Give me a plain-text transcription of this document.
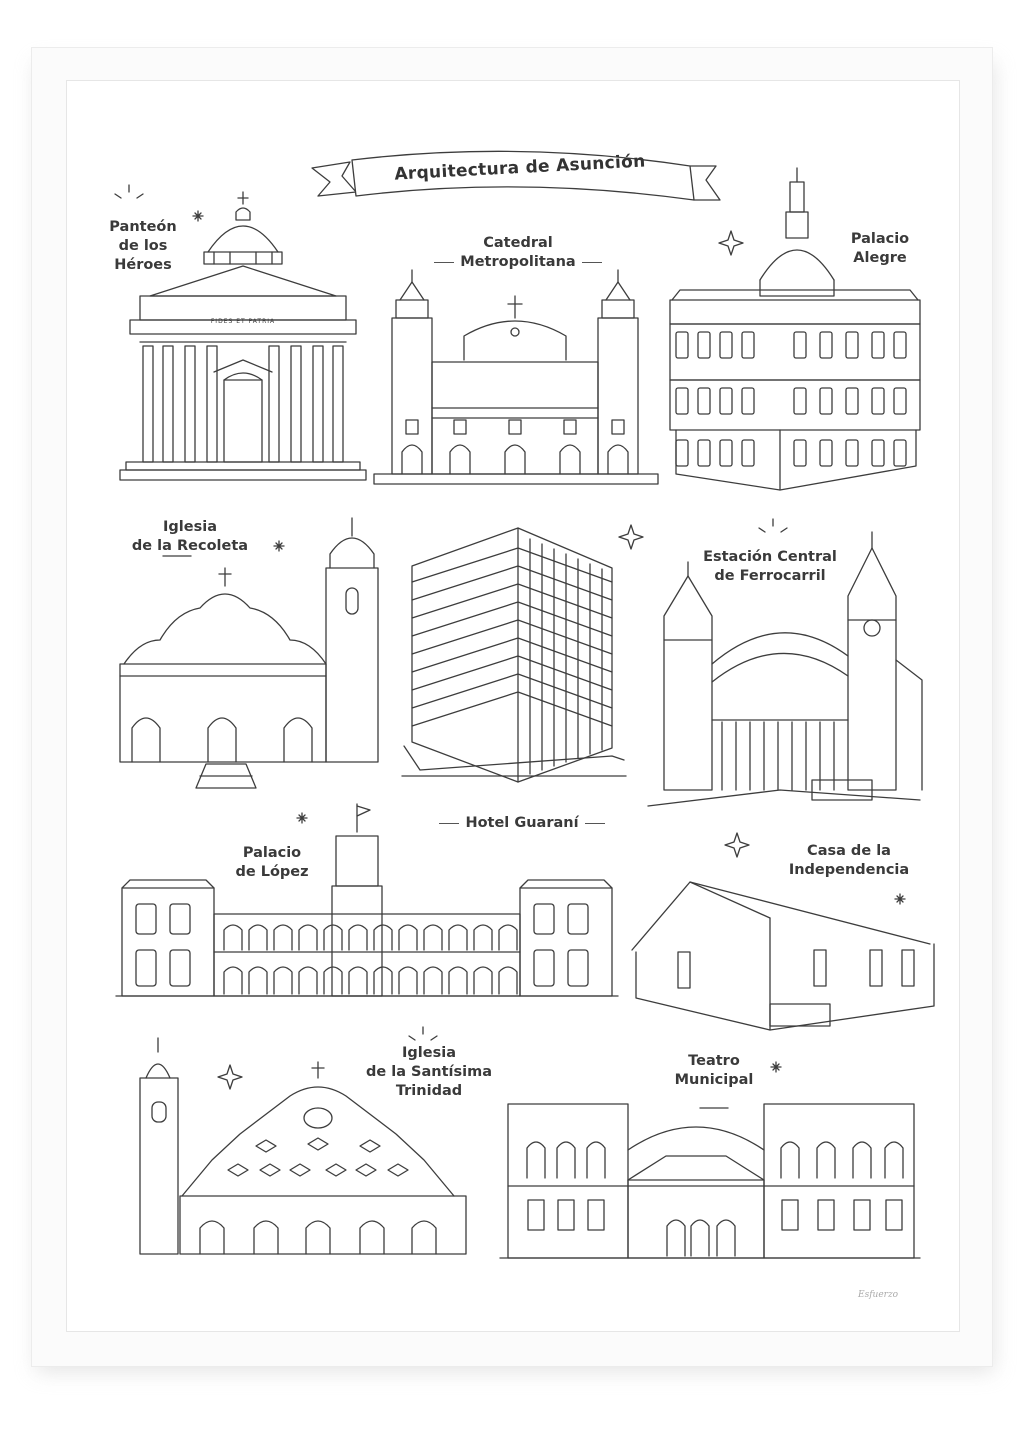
Arquitectura de Asunción
Panteón
de los
Héroes
FIDES ET PATRIA
Catedral
Metropolitana
Palacio
Alegre
Iglesia
de la Recoleta
Estación Central
de Ferrocarril
Hotel Guaraní
Palacio
de López
Casa de la
Independencia
Iglesia
de la Santísima
Trinidad
Teatro
Municipal
Esfuerzo
